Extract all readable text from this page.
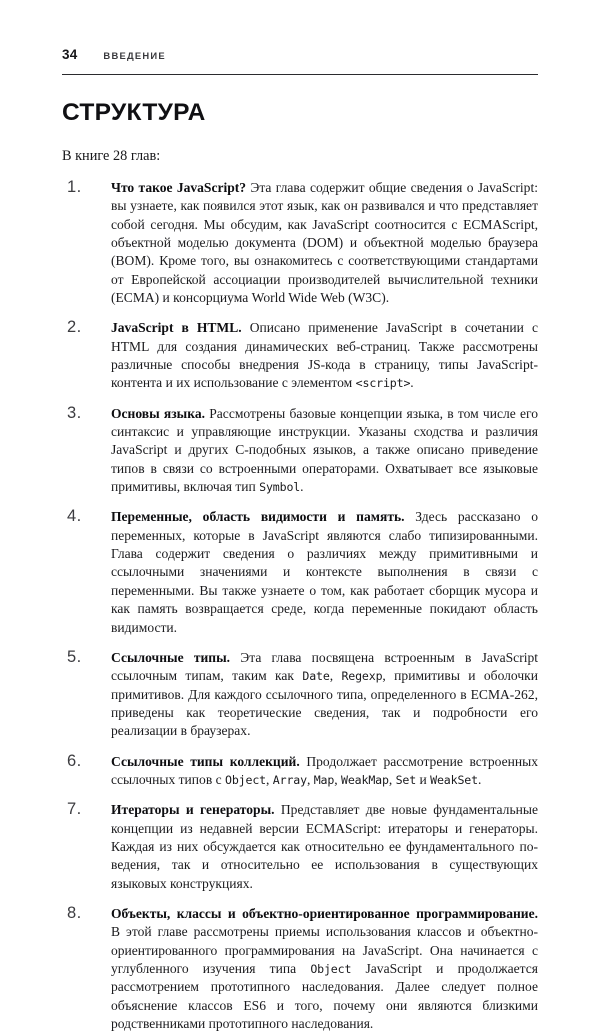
34	ВВЕДЕНИЕ
СТРУКТУРА

В книге 28 глав:

1. Что такое JavaScript? Эта глава содержит общие сведения о JavaScript: вы узнаете, как появился этот язык, как он развивался и что представляет собой сегодня. Мы обсудим, как JavaScript соотносится с ECMAScript, объектной моделью документа (DOM) и объектной моделью браузера (BOM). Кроме того, вы ознакомитесь с соответствующими стандартами от Европейской ассоциации производителей вычислительной техники (ECMA) и консорциума World Wide Web (W3C).
2. JavaScript в HTML. Описано применение JavaScript в сочетании с HTML для создания динамических веб-страниц. Также рассмотрены различные способы внедрения JS-кода в страницу, типы JavaScript-контента и их использование с элементом <script>.
3. Основы языка. Рассмотрены базовые концепции языка, в том числе его синтаксис и управляющие инструкции. Указаны сходства и различия JavaScript и других C-подобных языков, а также описано приведение типов в связи со встроенными операторами. Охватывает все языковые примитивы, включая тип Symbol.
4. Переменные, область видимости и память. Здесь рассказано о переменных, которые в JavaScript являются слабо типизированными. Глава содержит сведения о различиях между примитивными и ссылочными значениями и контексте выполнения в связи с переменными. Вы также узнаете о том, как работает сборщик мусора и как память возвращается среде, когда переменные покидают область видимости.
5. Ссылочные типы. Эта глава посвящена встроенным в JavaScript ссылочным типам, таким как Date, Regexp, примитивы и оболочки примитивов. Для каждого ссылочного типа, определенного в ECMA-262, приведены как теоретические сведения, так и подробности его реализации в браузерах.
6. Ссылочные типы коллекций. Продолжает рассмотрение встроенных ссылочных типов с Object, Array, Map, WeakMap, Set и WeakSet.
7. Итераторы и генераторы. Представляет две новые фундаментальные концепции из недавней версии ECMAScript: итераторы и генераторы. Каждая из них обсуждается как относительно ее фундаментального поведения, так и относительно ее использования в существующих языковых конструкциях.
8. Объекты, классы и объектно-ориентированное программирование. В этой главе рассмотрены приемы использования классов и объектно-ориентированного программирования на JavaScript. Она начинается с углубленного изучения типа Object JavaScript и продолжается рассмотрением прототипного наследования. Далее следует полное объяснение классов ES6 и того, почему они являются близкими родственниками прототипного наследования.
